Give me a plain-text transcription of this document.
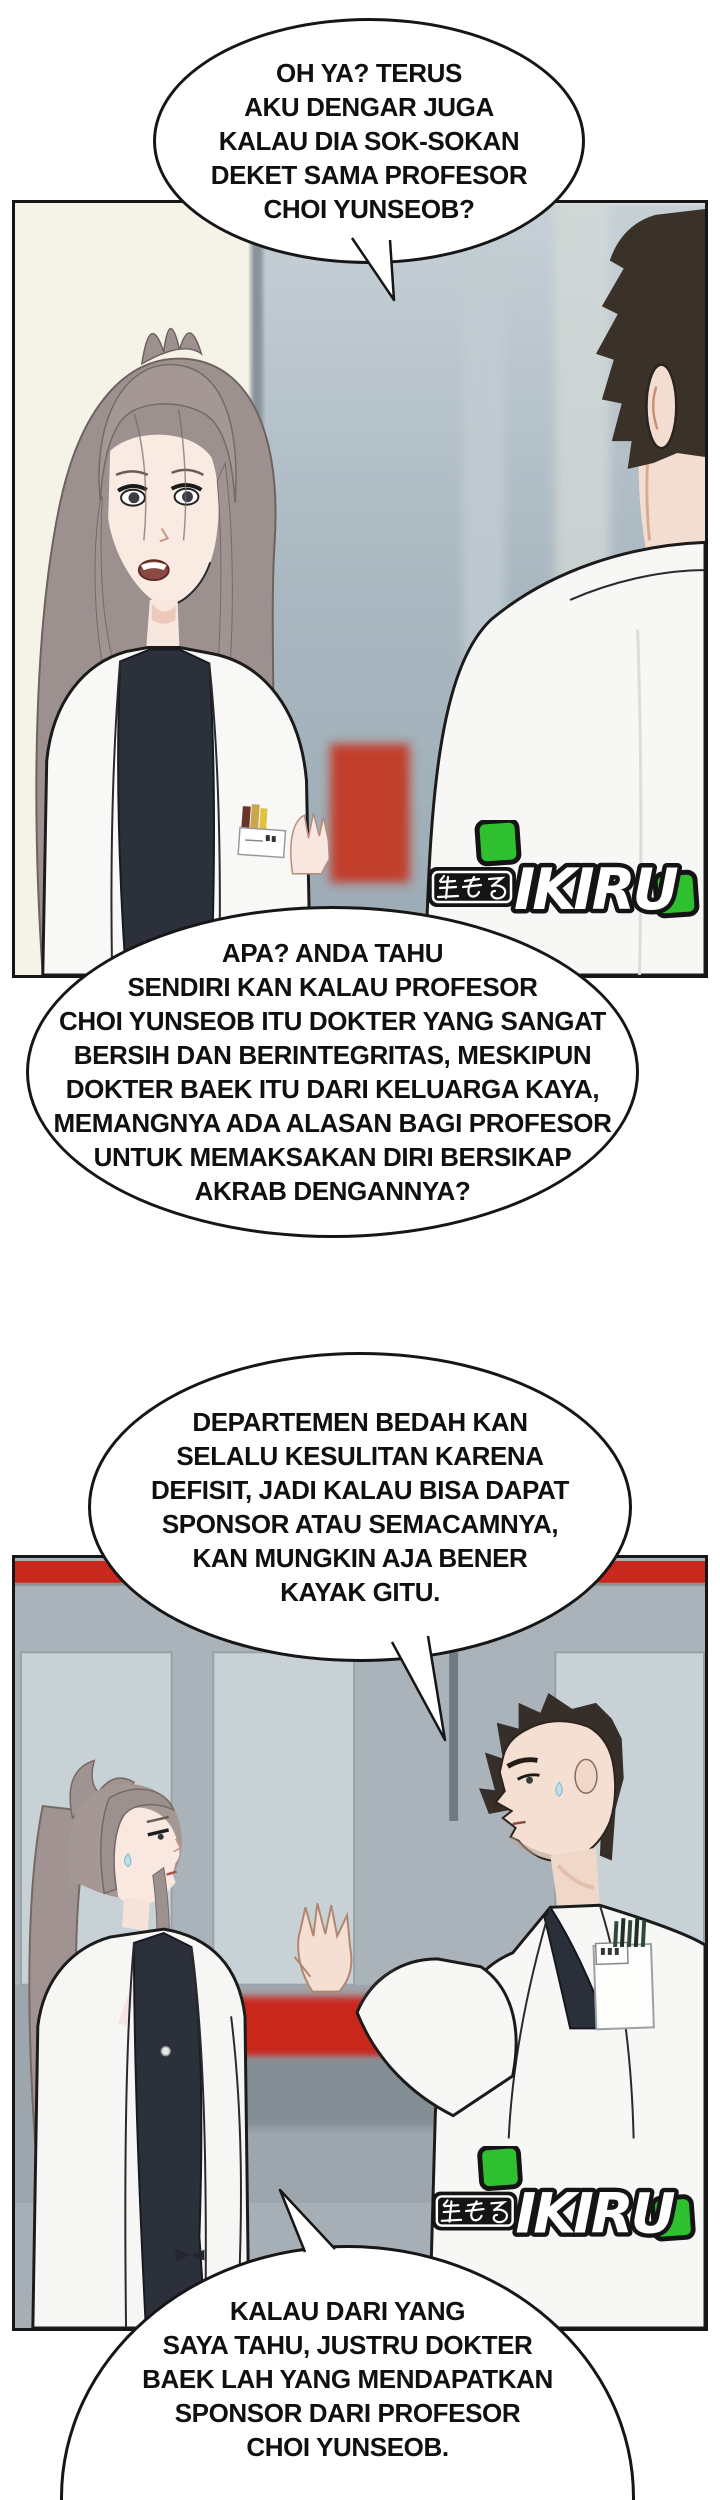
OH YA? TERUS
AKU DENGAR JUGA
KALAU DIA SOK-SOKAN
DEKET SAMA PROFESOR
CHOI YUNSEOB?
APA? ANDA TAHU
SENDIRI KAN KALAU PROFESOR
CHOI YUNSEOB ITU DOKTER YANG SANGAT
BERSIH DAN BERINTEGRITAS, MESKIPUN
DOKTER BAEK ITU DARI KELUARGA KAYA,
MEMANGNYA ADA ALASAN BAGI PROFESOR
UNTUK MEMAKSAKAN DIRI BERSIKAP
AKRAB DENGANNYA?
DEPARTEMEN BEDAH KAN
SELALU KESULITAN KARENA
DEFISIT, JADI KALAU BISA DAPAT
SPONSOR ATAU SEMACAMNYA,
KAN MUNGKIN AJA BENER
KAYAK GITU.
KALAU DARI YANG
SAYA TAHU, JUSTRU DOKTER
BAEK LAH YANG MENDAPATKAN
SPONSOR DARI PROFESOR
CHOI YUNSEOB.
IKIRU
IKIRU
